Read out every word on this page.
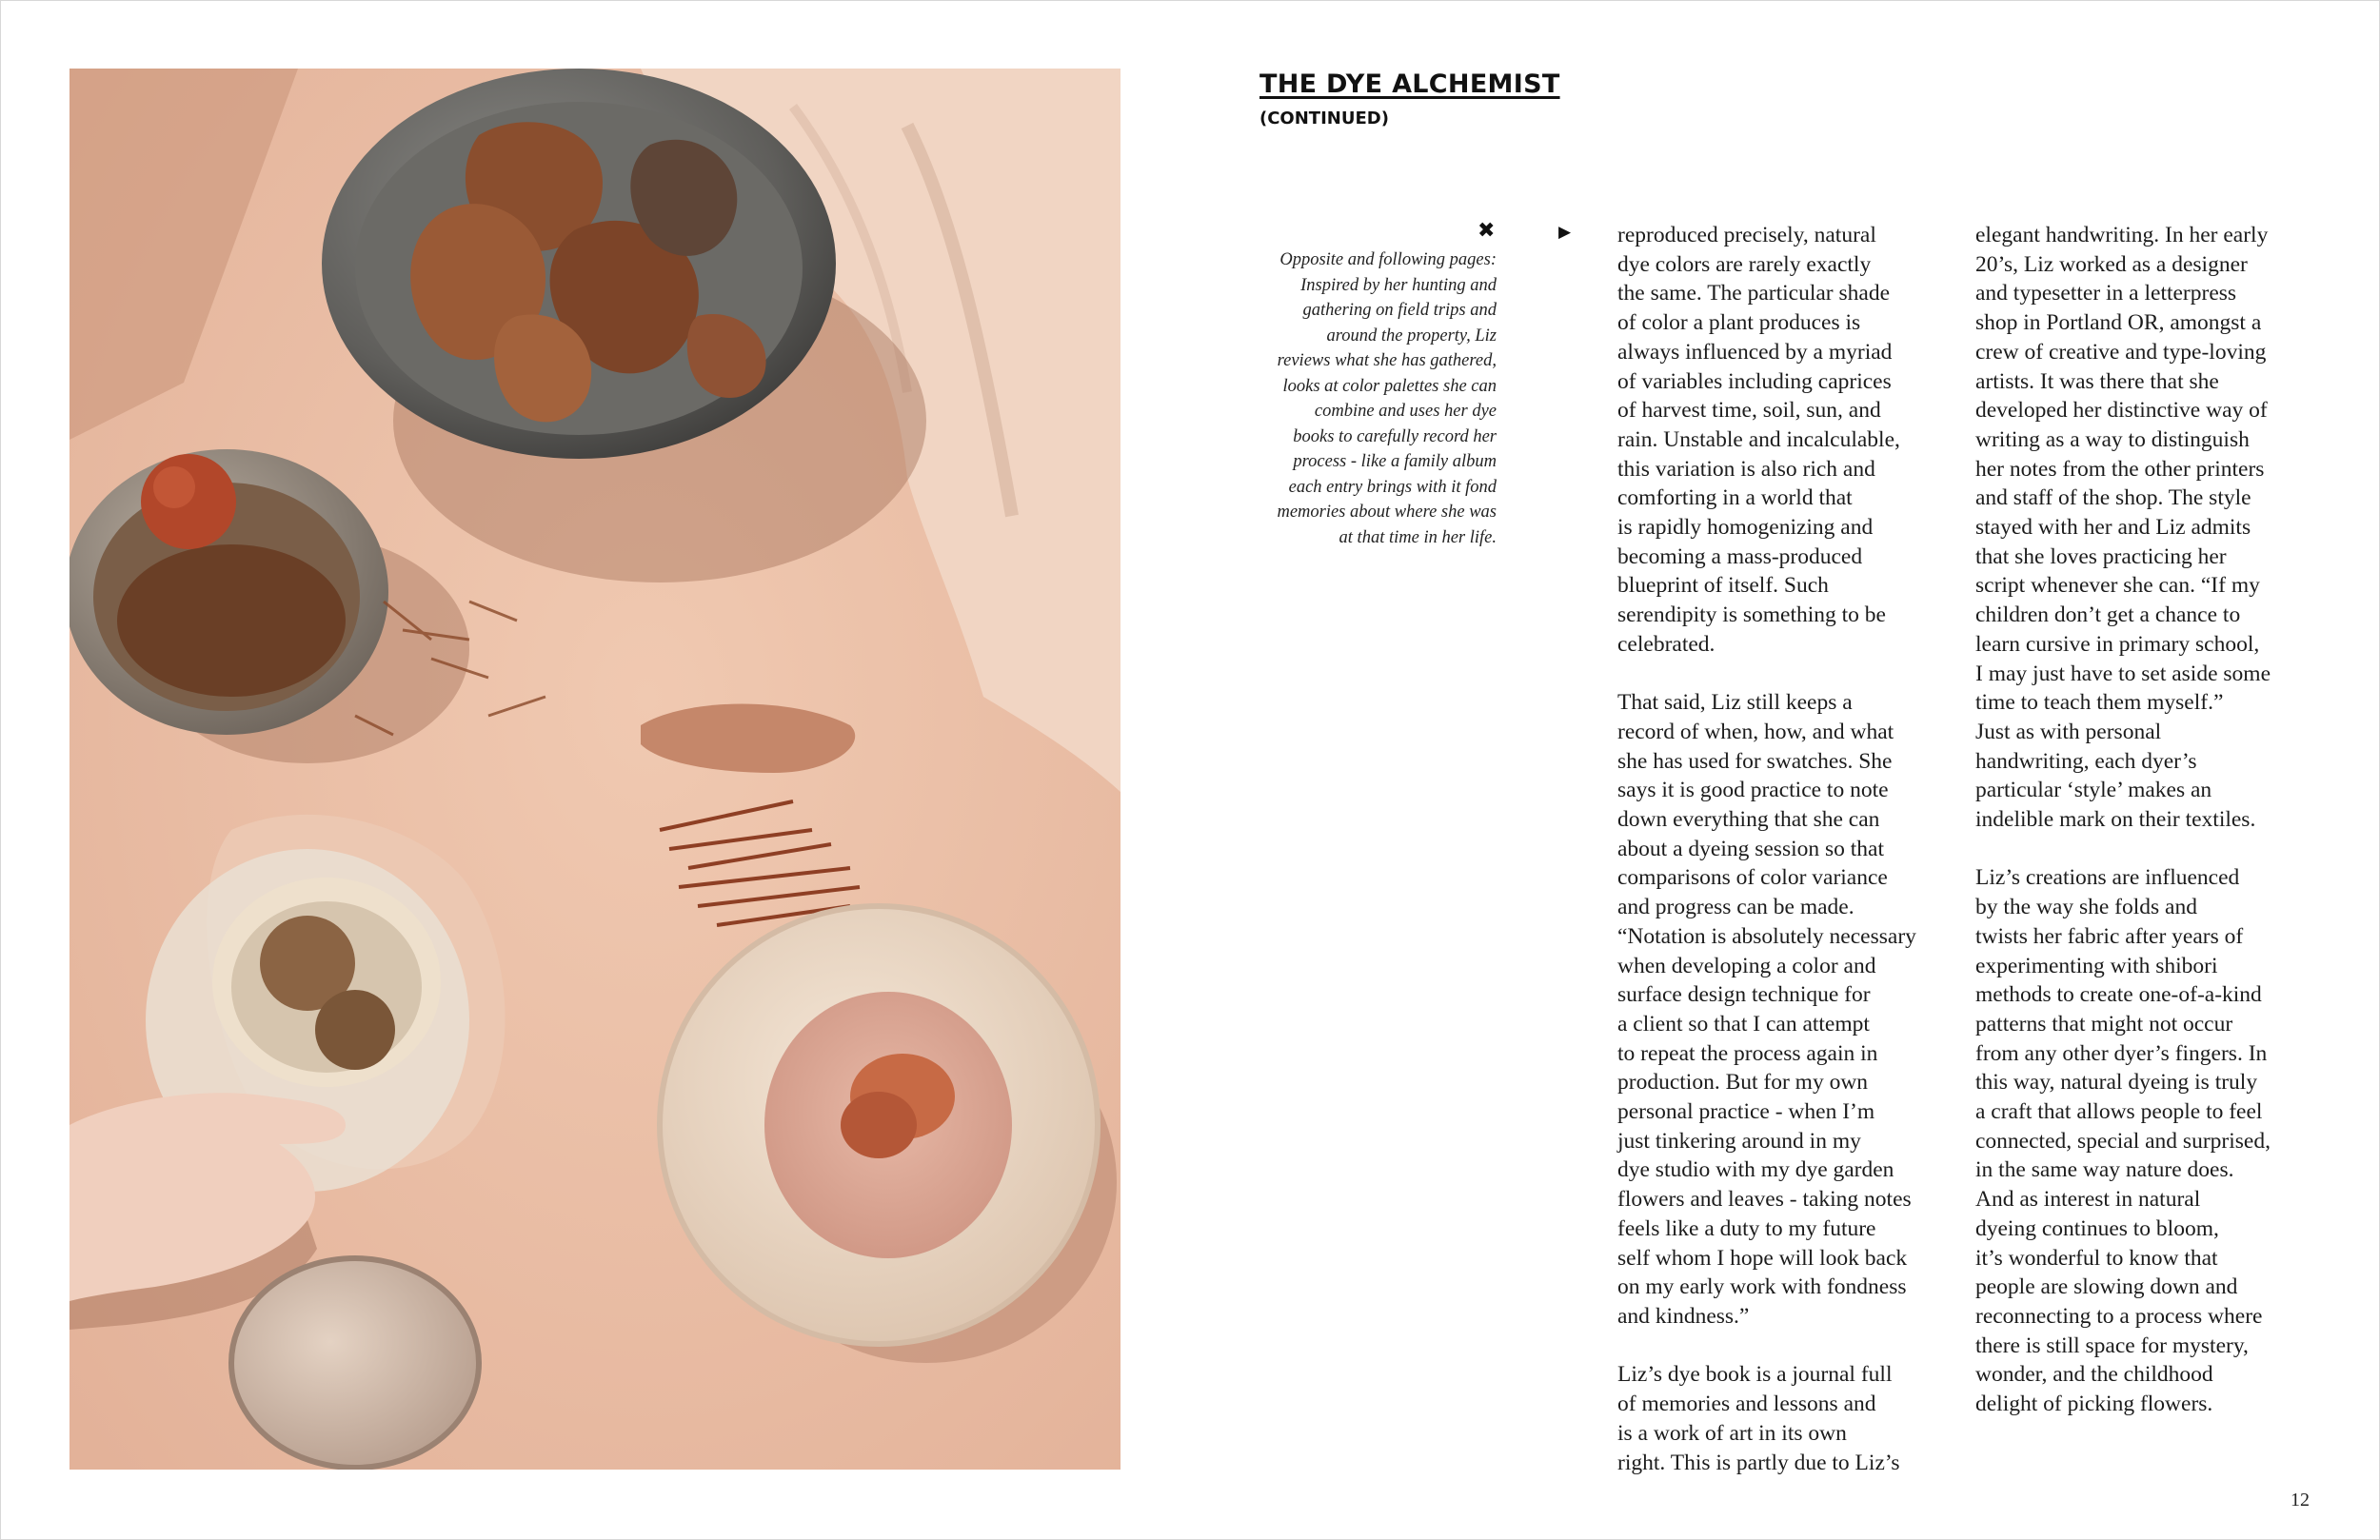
THE DYE ALCHEMIST
(CONTINUED)
✖
Opposite and following pages:
Inspired by her hunting and
gathering on field trips and
around the property, Liz
reviews what she has gathered,
looks at color palettes she can
combine and uses her dye
books to carefully record her
process - like a family album
each entry brings with it fond
memories about where she was
at that time in her life.
▶ reproduced precisely, natural
dye colors are rarely exactly
the same. The particular shade
of color a plant produces is
always influenced by a myriad
of variables including caprices
of harvest time, soil, sun, and
rain. Unstable and incalculable,
this variation is also rich and
comforting in a world that
is rapidly homogenizing and
becoming a mass-produced
blueprint of itself. Such
serendipity is something to be
celebrated.

That said, Liz still keeps a
record of when, how, and what
she has used for swatches. She
says it is good practice to note
down everything that she can
about a dyeing session so that
comparisons of color variance
and progress can be made.
“Notation is absolutely necessary
when developing a color and
surface design technique for
a client so that I can attempt
to repeat the process again in
production. But for my own
personal practice - when I’m
just tinkering around in my
dye studio with my dye garden
flowers and leaves - taking notes
feels like a duty to my future
self whom I hope will look back
on my early work with fondness
and kindness.”

Liz’s dye book is a journal full
of memories and lessons and
is a work of art in its own
right. This is partly due to Liz’s

elegant handwriting. In her early
20’s, Liz worked as a designer
and typesetter in a letterpress
shop in Portland OR, amongst a
crew of creative and type-loving
artists. It was there that she
developed her distinctive way of
writing as a way to distinguish
her notes from the other printers
and staff of the shop. The style
stayed with her and Liz admits
that she loves practicing her
script whenever she can. “If my
children don’t get a chance to
learn cursive in primary school,
I may just have to set aside some
time to teach them myself.”
Just as with personal
handwriting, each dyer’s
particular ‘style’ makes an
indelible mark on their textiles.

Liz’s creations are influenced
by the way she folds and
twists her fabric after years of
experimenting with shibori
methods to create one-of-a-kind
patterns that might not occur
from any other dyer’s fingers. In
this way, natural dyeing is truly
a craft that allows people to feel
connected, special and surprised,
in the same way nature does.
And as interest in natural
dyeing continues to bloom,
it’s wonderful to know that
people are slowing down and
reconnecting to a process where
there is still space for mystery,
wonder, and the childhood
delight of picking flowers.

12
